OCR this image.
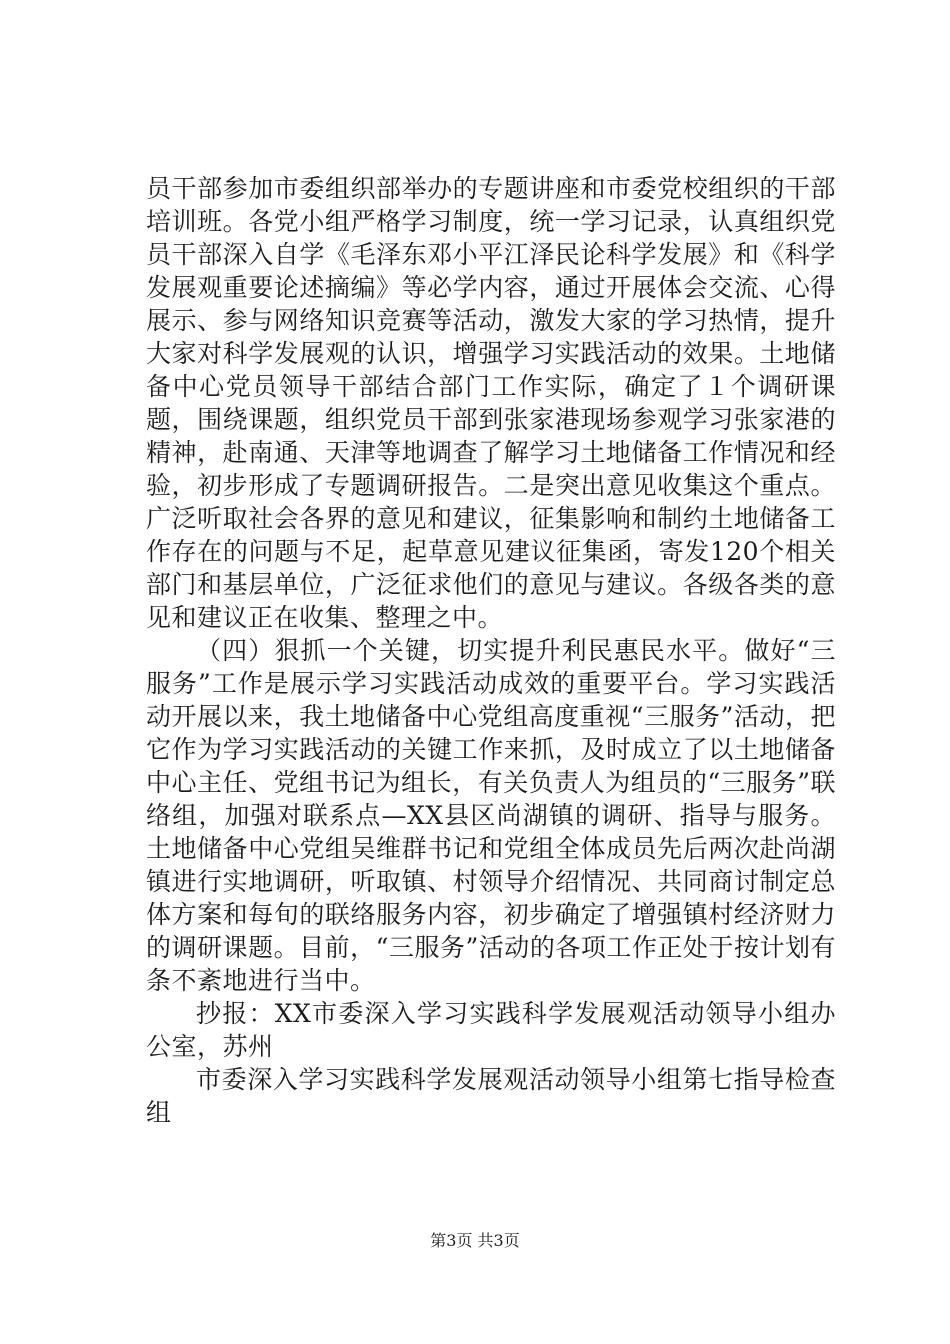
员干部参加市委组织部举办的专题讲座和市委党校组织的干部培训班。各党小组严格学习制度，统一学习记录，认真组织党员干部深入自学《毛泽东邓小平江泽民论科学发展》和《科学发展观重要论述摘编》等必学内容，通过开展体会交流、心得展示、参与网络知识竞赛等活动，激发大家的学习热情，提升大家对科学发展观的认识，增强学习实践活动的效果。土地储备中心党员领导干部结合部门工作实际，确定了１个调研课题，围绕课题，组织党员干部到张家港现场参观学习张家港的精神，赴南通、天津等地调查了解学习土地储备工作情况和经验，初步形成了专题调研报告。二是突出意见收集这个重点。广泛听取社会各界的意见和建议，征集影响和制约土地储备工作存在的问题与不足，起草意见建议征集函，寄发120个相关部门和基层单位，广泛征求他们的意见与建议。各级各类的意见和建议正在收集、整理之中。

（四）狠抓一个关键，切实提升利民惠民水平。做好“三服务”工作是展示学习实践活动成效的重要平台。学习实践活动开展以来，我土地储备中心党组高度重视“三服务”活动，把它作为学习实践活动的关键工作来抓，及时成立了以土地储备中心主任、党组书记为组长，有关负责人为组员的“三服务”联络组，加强对联系点—XX县区尚湖镇的调研、指导与服务。土地储备中心党组吴维群书记和党组全体成员先后两次赴尚湖镇进行实地调研，听取镇、村领导介绍情况、共同商讨制定总体方案和每旬的联络服务内容，初步确定了增强镇村经济财力的调研课题。目前，“三服务”活动的各项工作正处于按计划有条不紊地进行当中。

抄报：XX市委深入学习实践科学发展观活动领导小组办公室，苏州

市委深入学习实践科学发展观活动领导小组第七指导检查组

第3页 共3页
